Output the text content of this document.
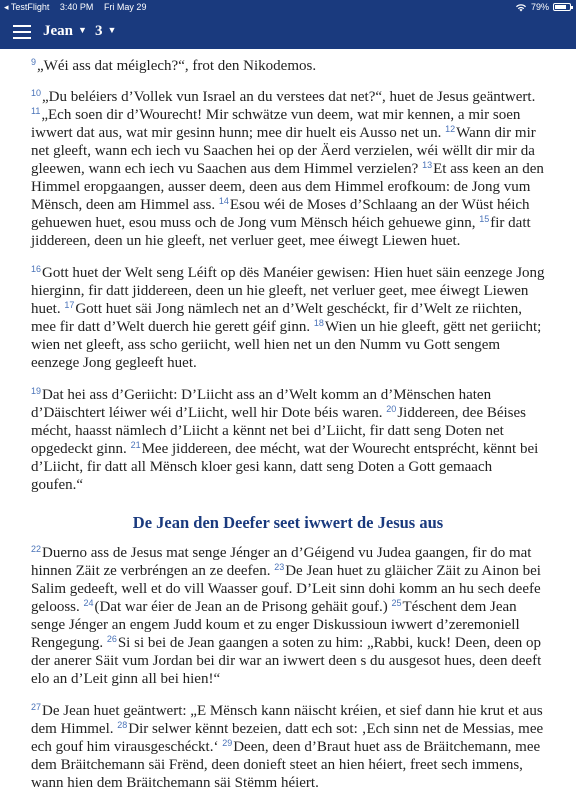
◂ TestFlight 3:40 PM Fri May 29	79%
Jean ▼ 3 ▼

$^9$„Wéi ass dat méiglech?“, frot den Nikodemos.

$^{10}$„Du beléiers d’Vollek vun Israel an du verstees dat net?“, huet de Jesus geäntwert. $^{11}$„Ech soen dir d’Wourecht! Mir schwätze vun deem, wat mir kennen, a mir soen iwwert dat aus, wat mir gesinn hunn; mee dir huelt eis Ausso net un. $^{12}$Wann dir mir net gleeft, wann ech iech vu Saachen hei op der Äerd verzielen, wéi wëllt dir mir da gleewen, wann ech iech vu Saachen aus dem Himmel verzielen? $^{13}$Et ass keen an den Himmel eropgaangen, ausser deem, deen aus dem Himmel erofkoum: de Jong vum Mënsch, deen am Himmel ass. $^{14}$Esou wéi de Moses d’Schlaang an der Wüst héich gehuewen huet, esou muss och de Jong vum Mënsch héich gehuewe ginn, $^{15}$fir datt jiddereen, deen un hie gleeft, net verluer geet, mee éiwegt Liewen huet.

$^{16}$Gott huet der Welt seng Léift op dës Manéier gewisen: Hien huet säin eenzege Jong hierginn, fir datt jiddereen, deen un hie gleeft, net verluer geet, mee éiwegt Liewen huet. $^{17}$Gott huet säi Jong nämlech net an d’Welt geschéckt, fir d’Welt ze riichten, mee fir datt d’Welt duerch hie gerett géif ginn. $^{18}$Wien un hie gleeft, gëtt net geriicht; wien net gleeft, ass scho geriicht, well hien net un den Numm vu Gott sengem eenzege Jong gegleeft huet.

$^{19}$Dat hei ass d’Geriicht: D’Liicht ass an d’Welt komm an d’Mënschen haten d’Däischtert léiwer wéi d’Liicht, well hir Dote béis waren. $^{20}$Jiddereen, dee Béises mécht, haasst nämlech d’Liicht a kënnt net bei d’Liicht, fir datt seng Doten net opgedeckt ginn. $^{21}$Mee jiddereen, dee mécht, wat der Wourecht entsprécht, kënnt bei d’Liicht, fir datt all Mënsch kloer gesi kann, datt seng Doten a Gott gemaach goufen.“

De Jean den Deefer seet iwwert de Jesus aus

$^{22}$Duerno ass de Jesus mat senge Jénger an d’Géigend vu Judea gaangen, fir do mat hinnen Zäit ze verbréngen an ze deefen. $^{23}$De Jean huet zu gläicher Zäit zu Ainon bei Salim gedeeft, well et do vill Waasser gouf. D’Leit sinn dohi komm an hu sech deefe gelooss. $^{24}$(Dat war éier de Jean an de Prisong gehäit gouf.) $^{25}$Téschent dem Jean senge Jénger an engem Judd koum et zu enger Diskussioun iwwert d’zeremoniell Rengegung. $^{26}$Si si bei de Jean gaangen a soten zu him: „Rabbi, kuck! Deen, deen op der anerer Säit vum Jordan bei dir war an iwwert deen s du ausgesot hues, deen deeft elo an d’Leit ginn all bei hien!“

$^{27}$De Jean huet geäntwert: „E Mënsch kann näischt kréien, et sief dann hie krut et aus dem Himmel. $^{28}$Dir selwer kënnt bezeien, datt ech sot: ‚Ech sinn net de Messias, mee ech gouf him virausgeschéckt.‘ $^{29}$Deen, deen d’Braut huet ass de Bräitchemann, mee dem Bräitchemann säi Frënd, deen donieft steet an hien héiert, freet sech immens, wann hien dem Bräitchemann säi Stëmm héiert.
